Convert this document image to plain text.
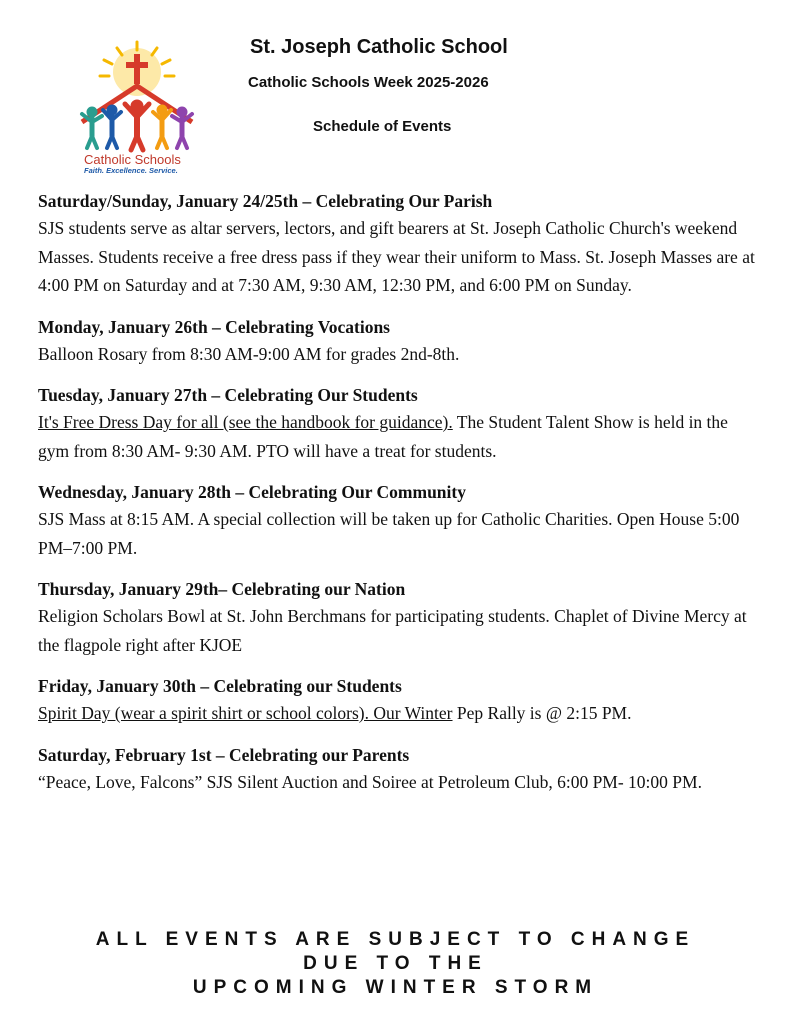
Catholic Schools
Faith. Excellence. Service.
St. Joseph Catholic School
Catholic Schools Week 2025-2026
Schedule of Events
Saturday/Sunday, January 24/25th – Celebrating Our Parish
SJS students serve as altar servers, lectors, and gift bearers at St. Joseph Catholic Church's weekend Masses. Students receive a free dress pass if they wear their uniform to Mass. St. Joseph Masses are at 4:00 PM on Saturday and at 7:30 AM, 9:30 AM, 12:30 PM, and 6:00 PM on Sunday.
Monday, January 26th – Celebrating Vocations
Balloon Rosary from 8:30 AM-9:00 AM for grades 2nd-8th.
Tuesday, January 27th – Celebrating Our Students
It's Free Dress Day for all (see the handbook for guidance). The Student Talent Show is held in the gym from 8:30 AM- 9:30 AM. PTO will have a treat for students.
Wednesday, January 28th – Celebrating Our Community
SJS Mass at 8:15 AM. A special collection will be taken up for Catholic Charities. Open House 5:00 PM–7:00 PM.
Thursday, January 29th– Celebrating our Nation
Religion Scholars Bowl at St. John Berchmans for participating students. Chaplet of Divine Mercy at the flagpole right after KJOE
Friday, January 30th – Celebrating our Students
Spirit Day (wear a spirit shirt or school colors). Our Winter Pep Rally is @ 2:15 PM.
Saturday, February 1st – Celebrating our Parents
“Peace, Love, Falcons” SJS Silent Auction and Soiree at Petroleum Club, 6:00 PM- 10:00 PM.
ALL EVENTS ARE SUBJECT TO CHANGE
DUE TO THE
UPCOMING WINTER STORM
